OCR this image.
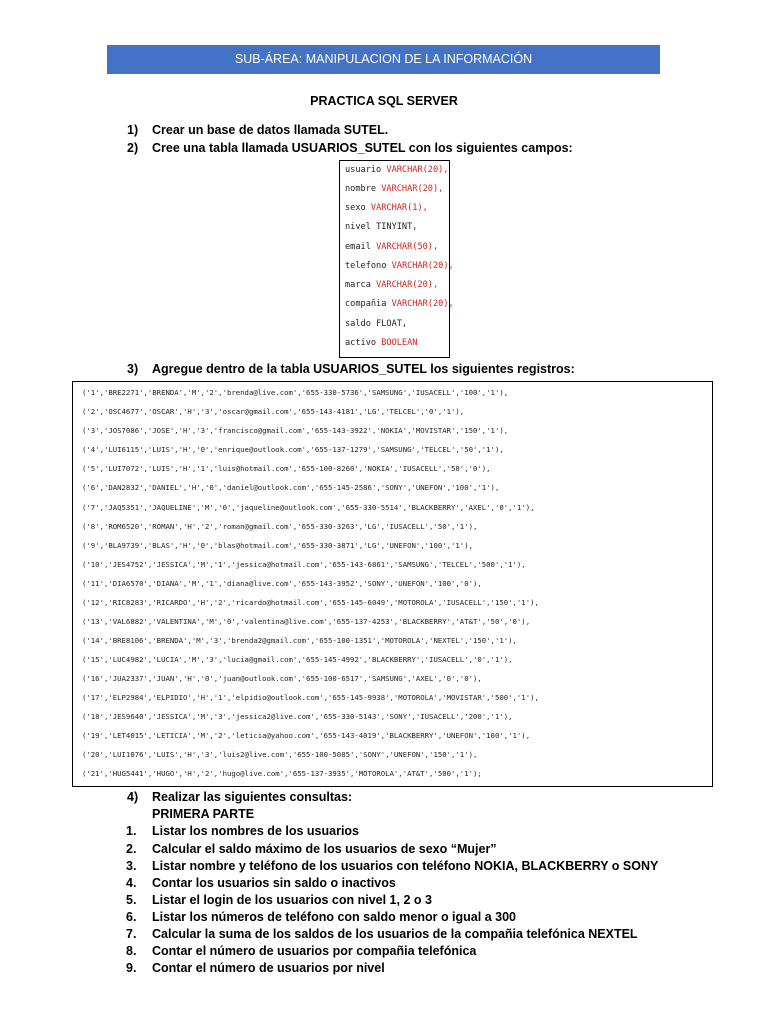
SUB-ÁREA: MANIPULACION DE LA INFORMACIÓN
PRACTICA SQL SERVER
1) Crear un base de datos llamada SUTEL.
2) Cree una tabla llamada USUARIOS_SUTEL con los siguientes campos:
usuario VARCHAR(20),
nombre VARCHAR(20),
sexo VARCHAR(1),
nivel TINYINT,
email VARCHAR(50),
telefono VARCHAR(20),
marca VARCHAR(20),
compañia VARCHAR(20),
saldo FLOAT,
activo BOOLEAN
3) Agregue dentro de la tabla USUARIOS_SUTEL los siguientes registros:
('1','BRE2271','BRENDA','M','2','brenda@live.com','655-330-5736','SAMSUNG','IUSACELL','100','1'),
('2','OSC4677','OSCAR','H','3','oscar@gmail.com','655-143-4181','LG','TELCEL','0','1'),
('3','JOS7086','JOSE','H','3','francisco@gmail.com','655-143-3922','NOKIA','MOVISTAR','150','1'),
('4','LUI6115','LUIS','H','0','enrique@outlook.com','655-137-1279','SAMSUNG','TELCEL','50','1'),
('5','LUI7072','LUIS','H','1','luis@hotmail.com','655-100-8260','NOKIA','IUSACELL','50','0'),
('6','DAN2832','DANIEL','H','0','daniel@outlook.com','655-145-2586','SONY','UNEFON','100','1'),
('7','JAQ5351','JAQUELINE','M','0','jaqueline@outlook.com','655-330-5514','BLACKBERRY','AXEL','0','1'),
('8','ROM6520','ROMAN','H','2','roman@gmail.com','655-330-3263','LG','IUSACELL','50','1'),
('9','BLA9739','BLAS','H','0','blas@hotmail.com','655-330-3871','LG','UNEFON','100','1'),
('10','JES4752','JESSICA','M','1','jessica@hotmail.com','655-143-6861','SAMSUNG','TELCEL','500','1'),
('11','DIA6570','DIANA','M','1','diana@live.com','655-143-3952','SONY','UNEFON','100','0'),
('12','RIC8283','RICARDO','H','2','ricardo@hotmail.com','655-145-6049','MOTOROLA','IUSACELL','150','1'),
('13','VAL6882','VALENTINA','M','0','valentina@live.com','655-137-4253','BLACKBERRY','AT&T','50','0'),
('14','BRE8106','BRENDA','M','3','brenda2@gmail.com','655-100-1351','MOTOROLA','NEXTEL','150','1'),
('15','LUC4982','LUCIA','M','3','lucia@gmail.com','655-145-4992','BLACKBERRY','IUSACELL','0','1'),
('16','JUA2337','JUAN','H','0','juan@outlook.com','655-100-6517','SAMSUNG','AXEL','0','0'),
('17','ELP2984','ELPIDIO','H','1','elpidio@outlook.com','655-145-9938','MOTOROLA','MOVISTAR','500','1'),
('18','JES9640','JESSICA','M','3','jessica2@live.com','655-330-5143','SONY','IUSACELL','200','1'),
('19','LET4015','LETICIA','M','2','leticia@yahoo.com','655-143-4019','BLACKBERRY','UNEFON','100','1'),
('20','LUI1076','LUIS','H','3','luis2@live.com','655-100-5085','SONY','UNEFON','150','1'),
('21','HUG5441','HUGO','H','2','hugo@live.com','655-137-3935','MOTOROLA','AT&T','500','1');
4) Realizar las siguientes consultas:
PRIMERA PARTE
1. Listar los nombres de los usuarios
2. Calcular el saldo máximo de los usuarios de sexo “Mujer”
3. Listar nombre y teléfono de los usuarios con teléfono NOKIA, BLACKBERRY o SONY
4. Contar los usuarios sin saldo o inactivos
5. Listar el login de los usuarios con nivel 1, 2 o 3
6. Listar los números de teléfono con saldo menor o igual a 300
7. Calcular la suma de los saldos de los usuarios de la compañia telefónica NEXTEL
8. Contar el número de usuarios por compañia telefónica
9. Contar el número de usuarios por nivel
